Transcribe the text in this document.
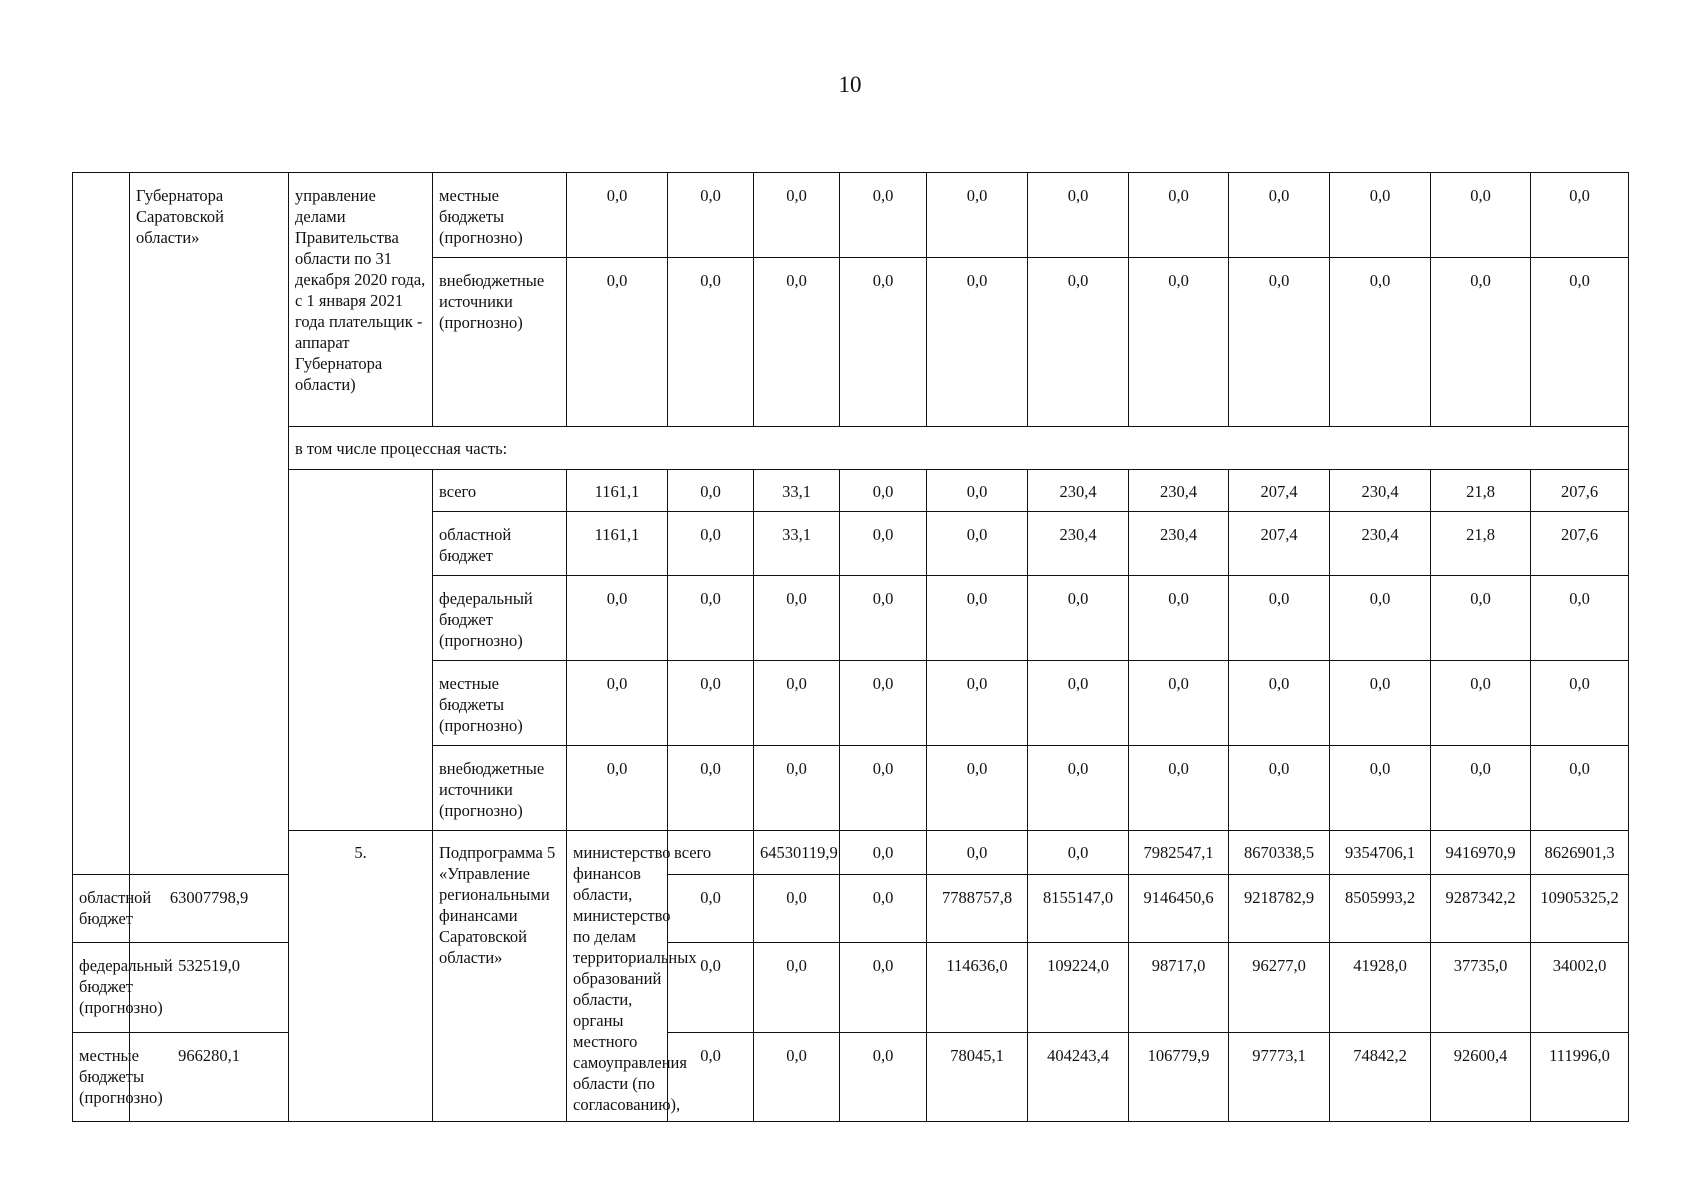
10
	Губернатора Саратовской области»	управление делами Правительства области по 31 декабря 2020 года, с 1 января 2021 года плательщик - аппарат Губернатора области)	местные бюджеты (прогнозно)	0,0	0,0	0,0	0,0	0,0	0,0	0,0	0,0	0,0	0,0	0,0	
			внебюджетные источники (прогнозно)	0,0	0,0	0,0	0,0	0,0	0,0	0,0	0,0	0,0	0,0	0,0	
		в том числе процессная часть:													
			всего	1161,1	0,0	33,1	0,0	0,0	230,4	230,4	207,4	230,4	21,8	207,6	
			областной бюджет	1161,1	0,0	33,1	0,0	0,0	230,4	230,4	207,4	230,4	21,8	207,6	
			федеральный бюджет (прогнозно)	0,0	0,0	0,0	0,0	0,0	0,0	0,0	0,0	0,0	0,0	0,0	
			местные бюджеты (прогнозно)	0,0	0,0	0,0	0,0	0,0	0,0	0,0	0,0	0,0	0,0	0,0	
			внебюджетные источники (прогнозно)	0,0	0,0	0,0	0,0	0,0	0,0	0,0	0,0	0,0	0,0	0,0	
		5.	Подпрограмма 5 «Управление региональными финансами Саратовской области»	министерство финансов области, министерство по делам территориальных образований области, органы местного самоуправления области (по согласованию),	всего	64530119,9	0,0	0,0	0,0	7982547,1	8670338,5	9354706,1	9416970,9	8626901,3		
областной бюджет	63007798,9				0,0	0,0	0,0	7788757,8	8155147,0	9146450,6	9218782,9	8505993,2	9287342,2	10905325,2	
федеральный бюджет (прогнозно)	532519,0				0,0	0,0	0,0	114636,0	109224,0	98717,0	96277,0	41928,0	37735,0	34002,0	
местные бюджеты (прогнозно)	966280,1				0,0	0,0	0,0	78045,1	404243,4	106779,9	97773,1	74842,2	92600,4	111996,0	
